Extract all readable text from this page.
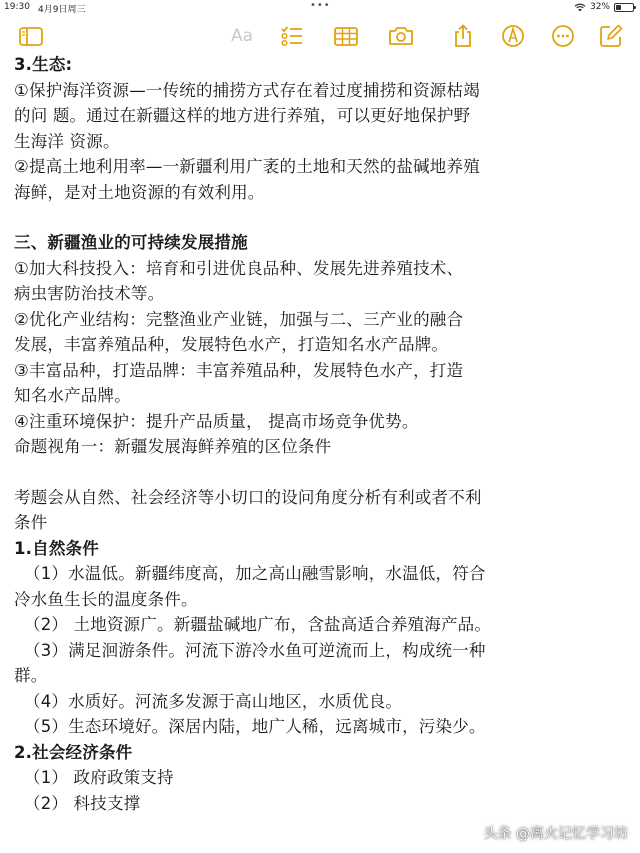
19:30 4月9日周三	•••	32%
Aa

3.生态:

①保护海洋资源—一传统的捕捞方式存在着过度捕捞和资源枯竭

的问 题。通过在新疆这样的地方进行养殖，可以更好地保护野

生海洋 资源。

②提高土地利用率—一新疆利用广袤的土地和天然的盐碱地养殖

海鲜，是对土地资源的有效利用。

三、新疆渔业的可持续发展措施

①加大科技投入：培育和引进优良品种、发展先进养殖技术、

病虫害防治技术等。

②优化产业结构：完整渔业产业链，加强与二、三产业的融合

发展，丰富养殖品种，发展特色水产，打造知名水产品牌。

③丰富品种，打造品牌：丰富养殖品种，发展特色水产，打造

知名水产品牌。

④注重环境保护：提升产品质量， 提高市场竞争优势。

命题视角一：新疆发展海鲜养殖的区位条件

考题会从自然、社会经济等小切口的设问角度分析有利或者不利

条件

1.自然条件

（1）水温低。新疆纬度高，加之高山融雪影响，水温低，符合

冷水鱼生长的温度条件。

（2） 土地资源广。新疆盐碱地广布，含盐高适合养殖海产品。

（3）满足洄游条件。河流下游冷水鱼可逆流而上，构成统一种

群。

（4）水质好。河流多发源于高山地区，水质优良。

（5）生态环境好。深居内陆，地广人稀，远离城市，污染少。

2.社会经济条件

（1） 政府政策支持

（2） 科技支撑

头条 @离火记忆学习坊
